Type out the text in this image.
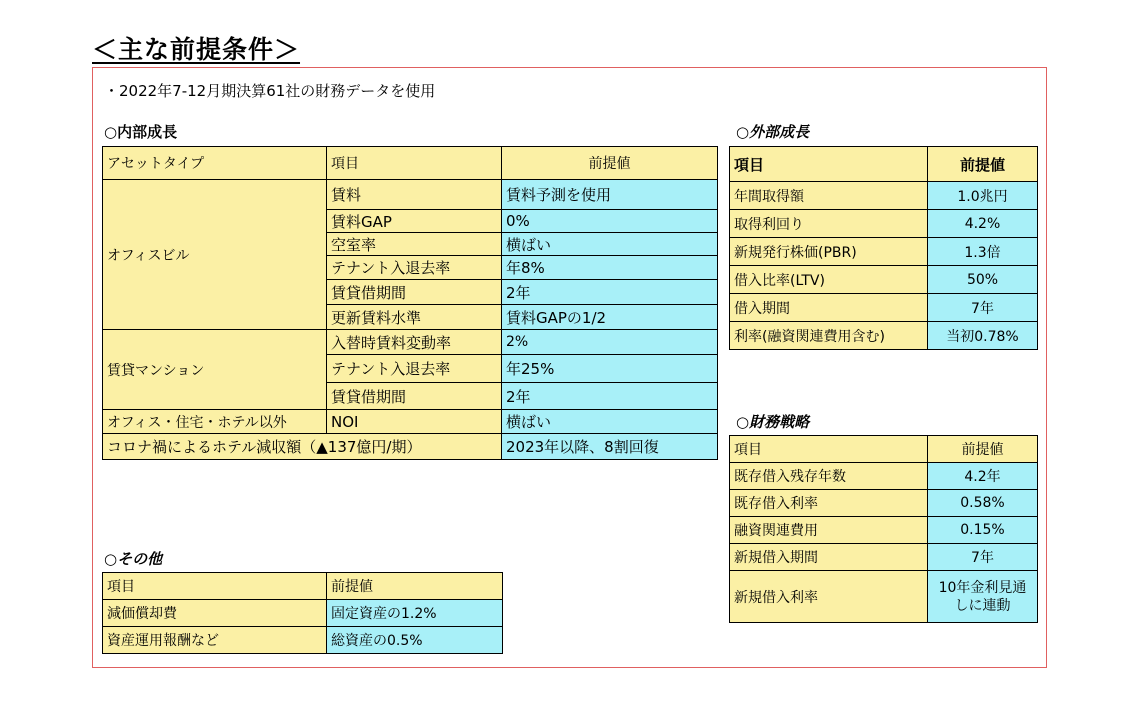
＜主な前提条件＞
・2022年7-12月期決算61社の財務データを使用
○内部成長
アセットタイプ	項目	前提値
オフィスビル	賃料	賃料予測を使用
	賃料GAP	0%
	空室率	横ばい
	テナント入退去率	年8%
	賃貸借期間	2年
	更新賃料水準	賃料GAPの1/2
賃貸マンション	入替時賃料変動率	2%
	テナント入退去率	年25%
	賃貸借期間	2年
オフィス・住宅・ホテル以外	NOI	横ばい
コロナ禍によるホテル減収額（▲137億円/期）		2023年以降、8割回復
○その他
項目	前提値
減価償却費	固定資産の1.2%
資産運用報酬など	総資産の0.5%
○外部成長
項目	前提値
年間取得額	1.0兆円
取得利回り	4.2%
新規発行株価(PBR)	1.3倍
借入比率(LTV)	50%
借入期間	7年
利率(融資関連費用含む)	当初0.78%
○財務戦略
項目	前提値
既存借入残存年数	4.2年
既存借入利率	0.58%
融資関連費用	0.15%
新規借入期間	7年
新規借入利率	10年金利見通しに連動
